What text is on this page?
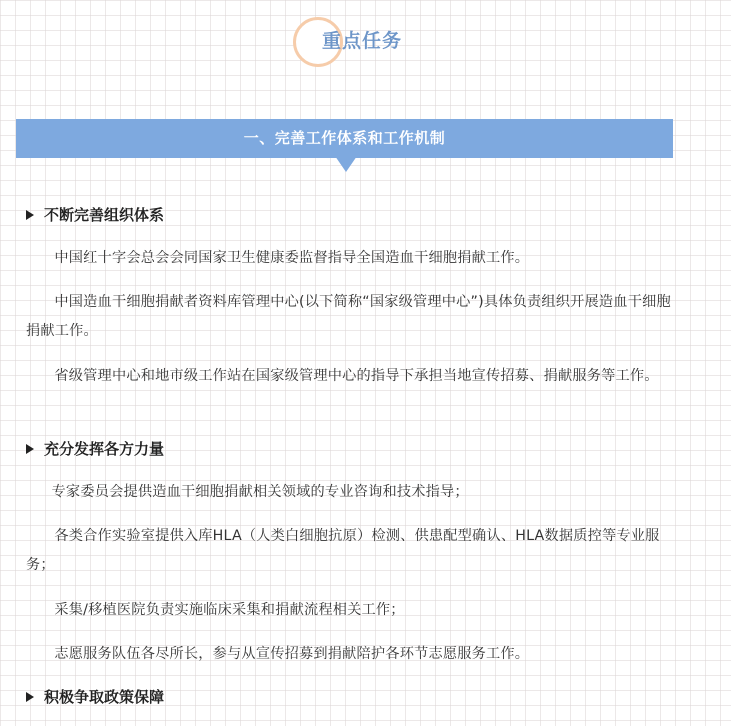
重点任务
一、完善工作体系和工作机制
不断完善组织体系
中国红十字会总会会同国家卫生健康委监督指导全国造血干细胞捐献工作。
中国造血干细胞捐献者资料库管理中心(以下简称“国家级管理中心”)具体负责组织开展造血干细胞捐献工作。
省级管理中心和地市级工作站在国家级管理中心的指导下承担当地宣传招募、捐献服务等工作。
充分发挥各方力量
专家委员会提供造血干细胞捐献相关领域的专业咨询和技术指导；
各类合作实验室提供入库HLA（人类白细胞抗原）检测、供患配型确认、HLA数据质控等专业服务；
采集/移植医院负责实施临床采集和捐献流程相关工作；
志愿服务队伍各尽所长，参与从宣传招募到捐献陪护各环节志愿服务工作。
积极争取政策保障
